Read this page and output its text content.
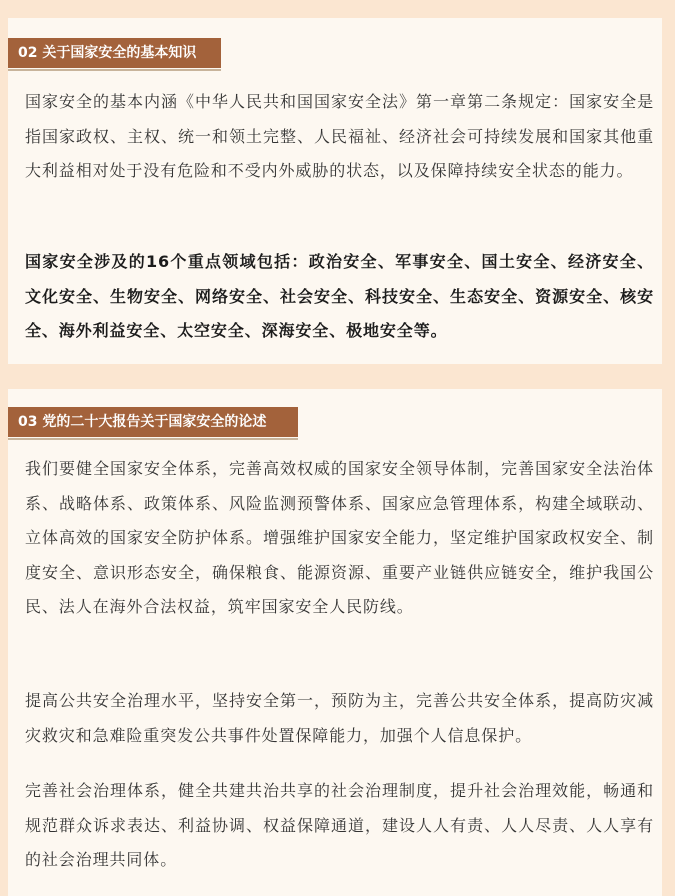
02 关于国家安全的基本知识

国家安全的基本内涵《中华人民共和国国家安全法》第一章第二条规定：国家安全是指国家政权、主权、统一和领土完整、人民福祉、经济社会可持续发展和国家其他重大利益相对处于没有危险和不受内外威胁的状态，以及保障持续安全状态的能力。

国家安全涉及的16个重点领域包括：政治安全、军事安全、国土安全、经济安全、文化安全、生物安全、网络安全、社会安全、科技安全、生态安全、资源安全、核安全、海外利益安全、太空安全、深海安全、极地安全等。

03 党的二十大报告关于国家安全的论述

我们要健全国家安全体系，完善高效权威的国家安全领导体制，完善国家安全法治体系、战略体系、政策体系、风险监测预警体系、国家应急管理体系，构建全域联动、立体高效的国家安全防护体系。增强维护国家安全能力，坚定维护国家政权安全、制度安全、意识形态安全，确保粮食、能源资源、重要产业链供应链安全，维护我国公民、法人在海外合法权益，筑牢国家安全人民防线。

提高公共安全治理水平，坚持安全第一，预防为主，完善公共安全体系，提高防灾减灾救灾和急难险重突发公共事件处置保障能力，加强个人信息保护。

完善社会治理体系，健全共建共治共享的社会治理制度，提升社会治理效能，畅通和规范群众诉求表达、利益协调、权益保障通道，建设人人有责、人人尽责、人人享有的社会治理共同体。
